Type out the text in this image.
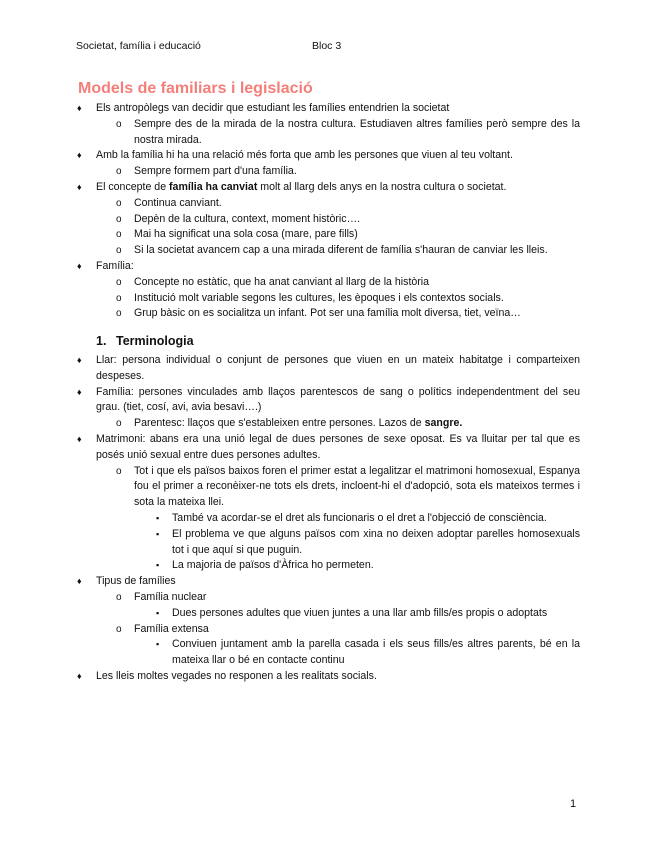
Societat, família i educació	Bloc 3
Models de familiars i legislació
♦ Els antropòlegs van decidir que estudiant les famílies entendrien la societat
o Sempre des de la mirada de la nostra cultura. Estudiaven altres famílies però sempre des la nostra mirada.
♦ Amb la família hi ha una relació més forta que amb les persones que viuen al teu voltant.
o Sempre formem part d'una família.
♦ El concepte de família ha canviat molt al llarg dels anys en la nostra cultura o societat.
o Continua canviant.
o Depèn de la cultura, context, moment històric….
o Mai ha significat una sola cosa (mare, pare fills)
o Si la societat avancem cap a una mirada diferent de família s'hauran de canviar les lleis.
♦ Família:
o Concepte no estàtic, que ha anat canviant al llarg de la història
o Institució molt variable segons les cultures, les èpoques i els contextos socials.
o Grup bàsic on es socialitza un infant. Pot ser una família molt diversa, tiet, veïna…
1. Terminologia
♦ Llar: persona individual o conjunt de persones que viuen en un mateix habitatge i comparteixen despeses.
♦ Família: persones vinculades amb llaços parentescos de sang o polítics independentment del seu grau. (tiet, cosí, avi, avia besavi….)
o Parentesc: llaços que s'estableixen entre persones. Lazos de sangre.
♦ Matrimoni: abans era una unió legal de dues persones de sexe oposat. Es va lluitar per tal que es posés unió sexual entre dues persones adultes.
o Tot i que els països baixos foren el primer estat a legalitzar el matrimoni homosexual, Espanya fou el primer a reconèixer-ne tots els drets, incloent-hi el d'adopció, sota els mateixos termes i sota la mateixa llei.
▪ També va acordar-se el dret als funcionaris o el dret a l'objecció de consciència.
▪ El problema ve que alguns països com xina no deixen adoptar parelles homosexuals tot i que aquí si que puguin.
▪ La majoria de països d'Àfrica ho permeten.
♦ Tipus de famílies
o Família nuclear
▪ Dues persones adultes que viuen juntes a una llar amb fills/es propis o adoptats
o Família extensa
▪ Conviuen juntament amb la parella casada i els seus fills/es altres parents, bé en la mateixa llar o bé en contacte continu
♦ Les lleis moltes vegades no responen a les realitats socials.
1
